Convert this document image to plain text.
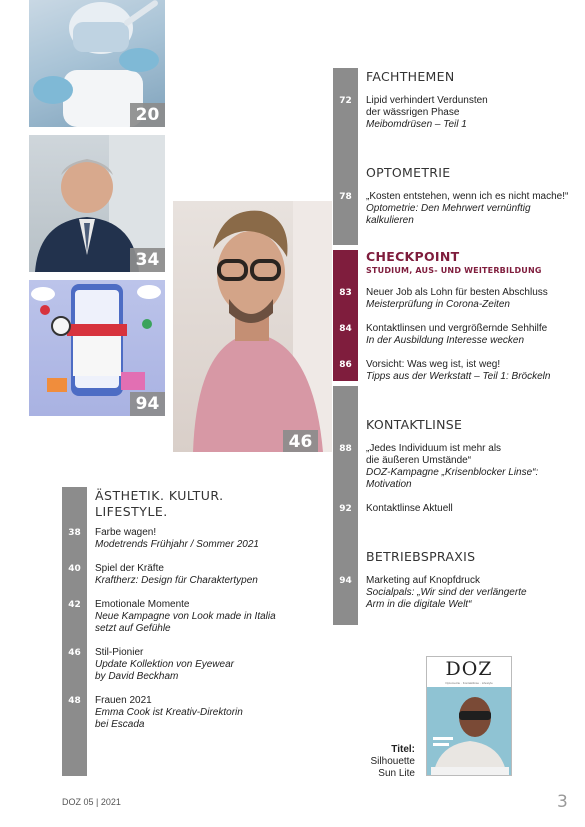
20
34
94
46
FACHTHEMEN
72	Lipid verhindert Verdunsten
der wässrigen Phase
Meibomdrüsen – Teil 1
OPTOMETRIE
78	„Kosten entstehen, wenn ich es nicht mache!“
Optometrie: Den Mehrwert vernünftig kalkulieren
CHECKPOINT
STUDIUM, AUS- UND WEITERBILDUNG
83	Neuer Job als Lohn für besten Abschluss
Meisterprüfung in Corona-Zeiten
84	Kontaktlinsen und vergrößernde Sehhilfe
In der Ausbildung Interesse wecken
86	Vorsicht: Was weg ist, ist weg!
Tipps aus der Werkstatt – Teil 1: Bröckeln
KONTAKTLINSE
88	„Jedes Individuum ist mehr als
die äußeren Umstände“
DOZ-Kampagne „Krisenblocker Linse“:
Motivation
92	Kontaktlinse Aktuell
BETRIEBSPRAXIS
94	Marketing auf Knopfdruck
Socialpals: „Wir sind der verlängerte
Arm in die digitale Welt“
ÄSTHETIK. KULTUR.
LIFESTYLE.
38	Farbe wagen!
Modetrends Frühjahr / Sommer 2021
40	Spiel der Kräfte
Kraftherz: Design für Charaktertypen
42	Emotionale Momente
Neue Kampagne von Look made in Italia
setzt auf Gefühle
46	Stil-Pionier
Update Kollektion von Eyewear
by David Beckham
48	Frauen 2021
Emma Cook ist Kreativ-Direktorin
bei Escada
DOZ
Optometrie · Kontaktlinse · Lifestyle
Titel:
Silhouette
Sun Lite
DOZ 05 | 2021	3
